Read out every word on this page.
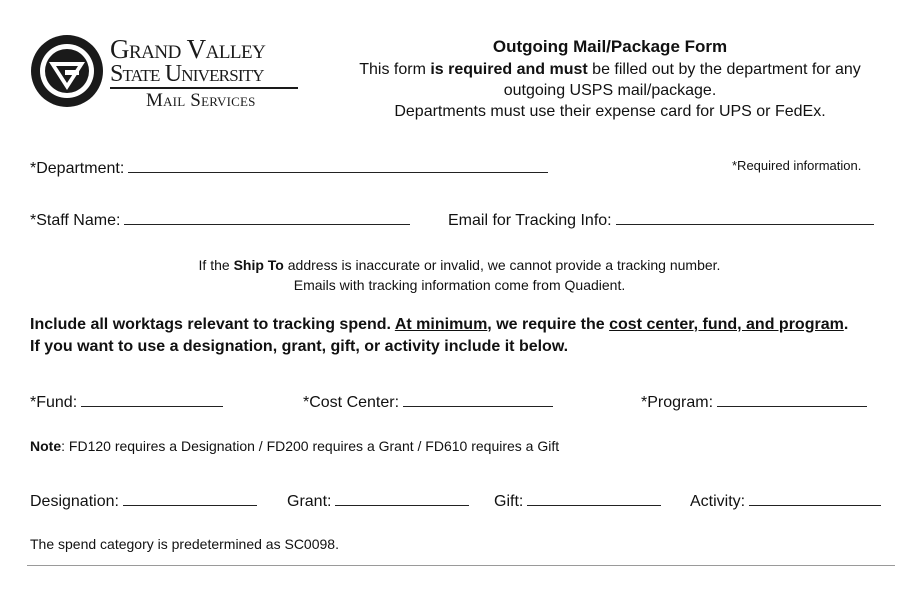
Grand Valley
State University
Mail Services
Outgoing Mail/Package Form
This form is required and must be filled out by the department for any
outgoing USPS mail/package.
Departments must use their expense card for UPS or FedEx.
*Department:	*Required information.
*Staff Name:	Email for Tracking Info:
If the Ship To address is inaccurate or invalid, we cannot provide a tracking number.
Emails with tracking information come from Quadient.
Include all worktags relevant to tracking spend. At minimum, we require the cost center, fund, and program.
If you want to use a designation, grant, gift, or activity include it below.
*Fund:	*Cost Center:	*Program:
Note: FD120 requires a Designation / FD200 requires a Grant / FD610 requires a Gift
Designation:	Grant:	Gift:	Activity:
The spend category is predetermined as SC0098.
